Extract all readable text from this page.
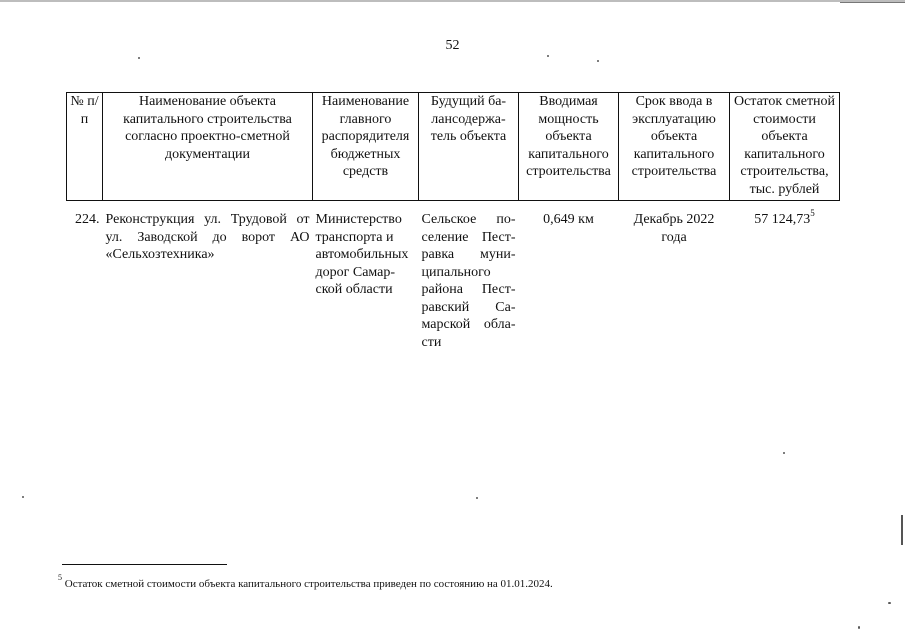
52
№ п/п	Наименование объекта капитального строительства согласно проектно-сметной документации	Наименование главного распорядителя бюджетных средств	Будущий ба-лансодержа-тель объекта	Вводимая мощность объекта капитального строительства	Срок ввода в эксплуатацию объекта капитального строительства	Остаток сметной стоимости объекта капитального строительства, тыс. рублей
224.	Реконструкция ул. Трудовой от ул. Заводской до ворот АО «Сельхозтехника»	Министерство транспорта и автомобильных дорог Самар-ской области	Сельское по-селение Пест-равка муни-ципального района Пест-равский Са-марской обла-сти	0,649 км	Декабрь 2022 года	57 124,73$^5$
$^5$ Остаток сметной стоимости объекта капитального строительства приведен по состоянию на 01.01.2024.
